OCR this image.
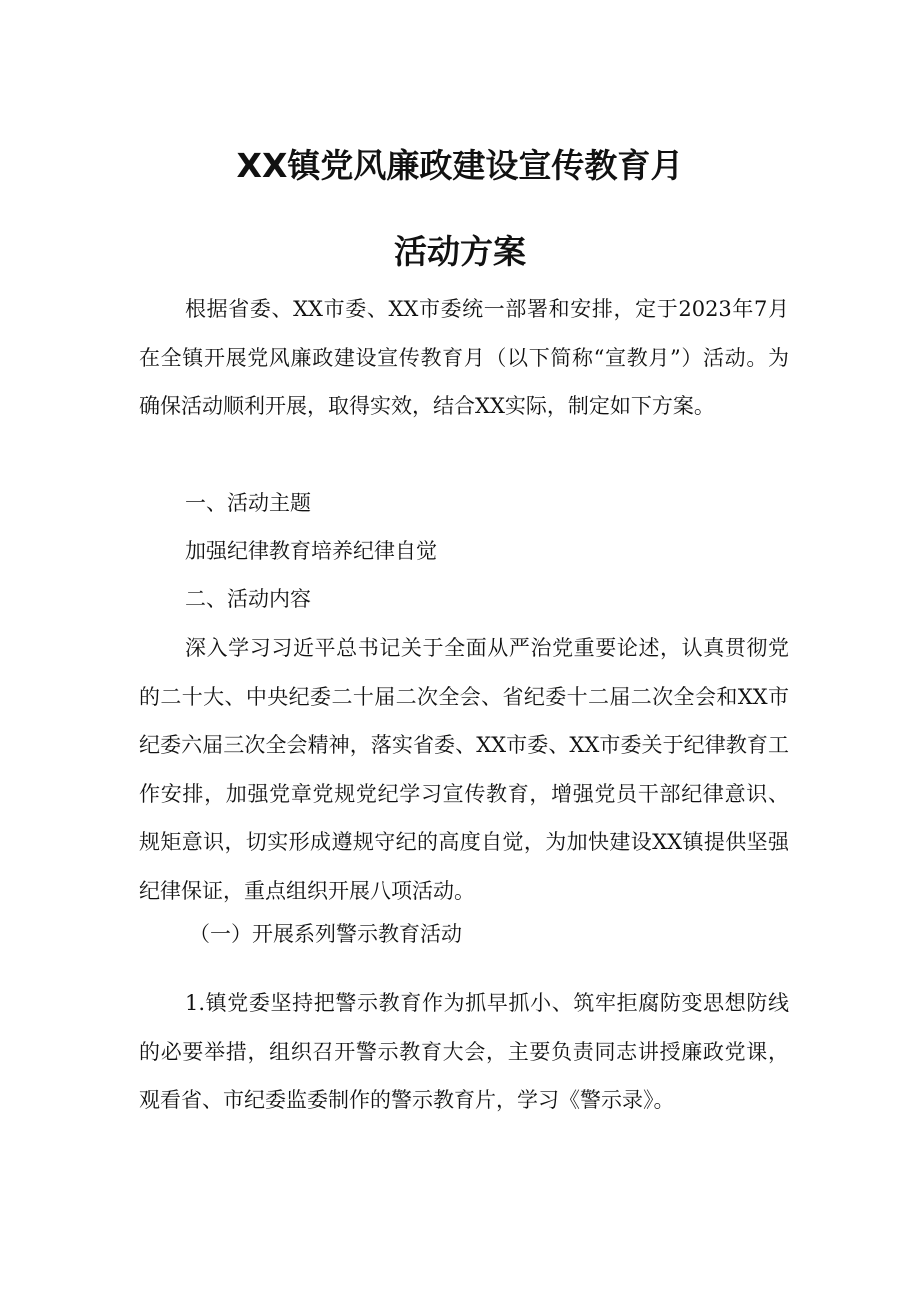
XX镇党风廉政建设宣传教育月
活动方案

根据省委、XX市委、XX市委统一部署和安排，定于2023年7月在全镇开展党风廉政建设宣传教育月（以下简称“宣教月”）活动。为确保活动顺利开展，取得实效，结合XX实际，制定如下方案。

一、活动主题

加强纪律教育培养纪律自觉

二、活动内容

深入学习习近平总书记关于全面从严治党重要论述，认真贯彻党的二十大、中央纪委二十届二次全会、省纪委十二届二次全会和XX市纪委六届三次全会精神，落实省委、XX市委、XX市委关于纪律教育工作安排，加强党章党规党纪学习宣传教育，增强党员干部纪律意识、规矩意识，切实形成遵规守纪的高度自觉，为加快建设XX镇提供坚强纪律保证，重点组织开展八项活动。

（一）开展系列警示教育活动

1.镇党委坚持把警示教育作为抓早抓小、筑牢拒腐防变思想防线的必要举措，组织召开警示教育大会，主要负责同志讲授廉政党课，观看省、市纪委监委制作的警示教育片，学习《警示录》。
